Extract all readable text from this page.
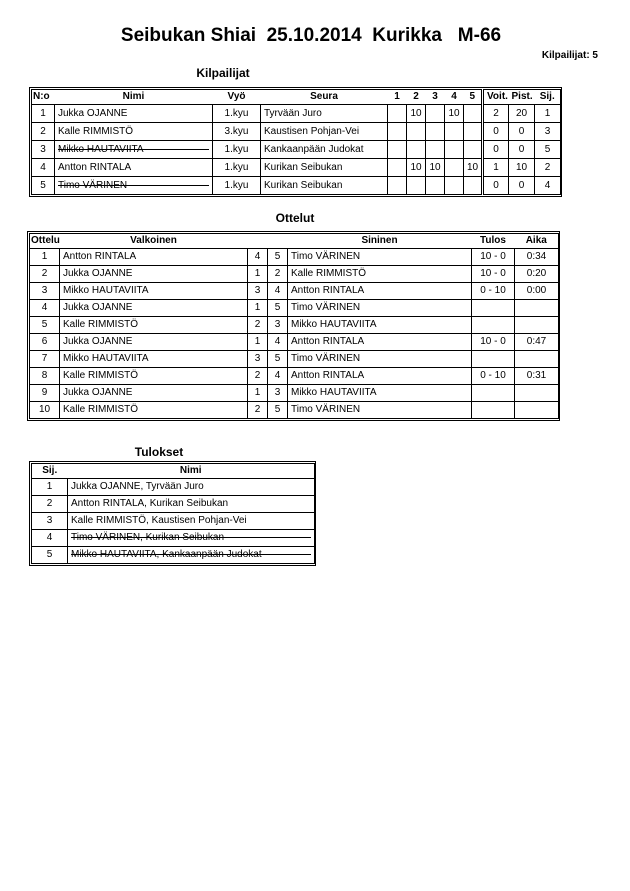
Seibukan Shiai  25.10.2014  Kurikka   M-66
Kilpailijat: 5
Kilpailijat
N:o	Nimi	Vyö	Seura	1	2	3	4	5	Voit.	Pist.	Sij.
1	Jukka OJANNE	1.kyu	Tyrvään Juro		10		10		2	20	1
2	Kalle RIMMISTÖ	3.kyu	Kaustisen Pohjan-Vei						0	0	3
3	Mikko HAUTAVIITA	1.kyu	Kankaanpään Judokat						0	0	5
4	Antton RINTALA	1.kyu	Kurikan Seibukan		10	10		10	1	10	2
5	Timo VÄRINEN	1.kyu	Kurikan Seibukan						0	0	4
Ottelut
Ottelu	Valkoinen			Sininen	Tulos	Aika
1	Antton RINTALA	4	5	Timo VÄRINEN	10 - 0	0:34
2	Jukka OJANNE	1	2	Kalle RIMMISTÖ	10 - 0	0:20
3	Mikko HAUTAVIITA	3	4	Antton RINTALA	0 - 10	0:00
4	Jukka OJANNE	1	5	Timo VÄRINEN		
5	Kalle RIMMISTÖ	2	3	Mikko HAUTAVIITA		
6	Jukka OJANNE	1	4	Antton RINTALA	10 - 0	0:47
7	Mikko HAUTAVIITA	3	5	Timo VÄRINEN		
8	Kalle RIMMISTÖ	2	4	Antton RINTALA	0 - 10	0:31
9	Jukka OJANNE	1	3	Mikko HAUTAVIITA		
10	Kalle RIMMISTÖ	2	5	Timo VÄRINEN		
Tulokset
Sij.	Nimi
1	Jukka OJANNE, Tyrvään Juro
2	Antton RINTALA, Kurikan Seibukan
3	Kalle RIMMISTÖ, Kaustisen Pohjan-Vei
4	Timo VÄRINEN, Kurikan Seibukan
5	Mikko HAUTAVIITA, Kankaanpään Judokat
